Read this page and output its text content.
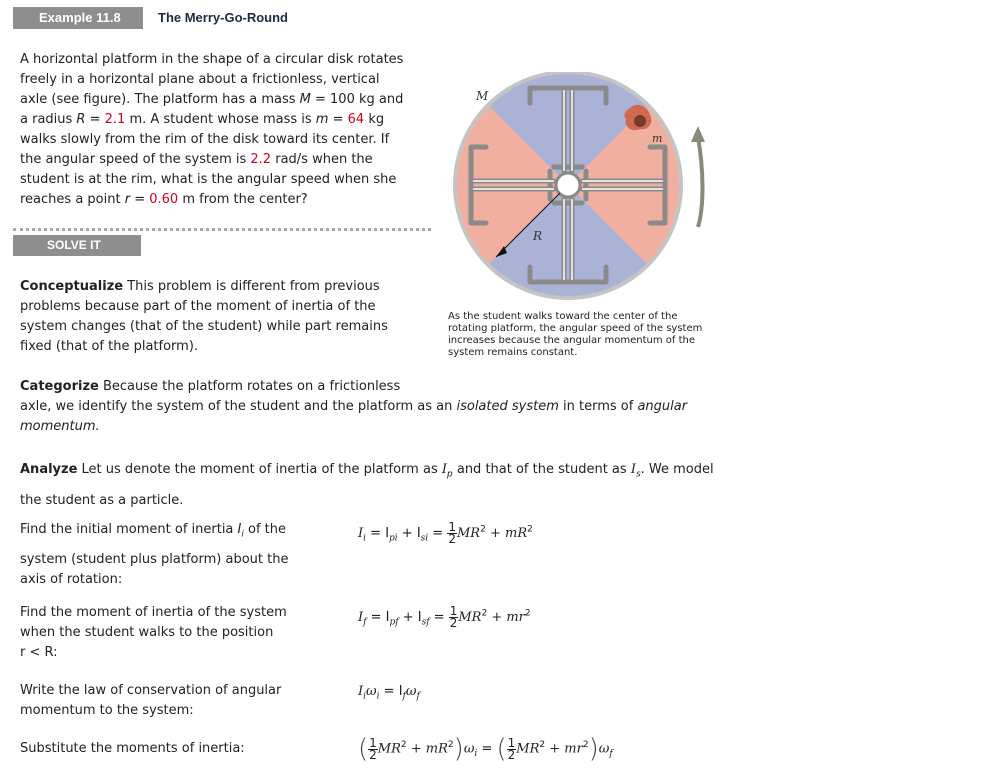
Example 11.8	The Merry-Go-Round
A horizontal platform in the shape of a circular disk rotates
freely in a horizontal plane about a frictionless, vertical
axle (see figure). The platform has a mass M = 100 kg and
a radius R = 2.1 m. A student whose mass is m = 64 kg
walks slowly from the rim of the disk toward its center. If
the angular speed of the system is 2.2 rad/s when the
student is at the rim, what is the angular speed when she
reaches a point r = 0.60 m from the center?
SOLVE IT
M
m
R
As the student walks toward the center of the
rotating platform, the angular speed of the system
increases because the angular momentum of the
system remains constant.
Conceptualize This problem is different from previous
problems because part of the moment of inertia of the
system changes (that of the student) while part remains
fixed (that of the platform).
Categorize Because the platform rotates on a frictionless
axle, we identify the system of the student and the platform as an isolated system in terms of angular
momentum.
Analyze Let us denote the moment of inertia of the platform as $I_p$ and that of the student as $I_s$. We model
the student as a particle.
Find the initial moment of inertia $I_i$ of the
system (student plus platform) about the
axis of rotation:
$I_i = I_{pi} + I_{si} = \frac{1}{2} MR^2 + mR^2$
Find the moment of inertia of the system
when the student walks to the position
r < R:
$I_f = I_{pf} + I_{sf} = \frac{1}{2} MR^2 + mr^2$
Write the law of conservation of angular
momentum to the system:
$I_i\omega_i = I_f\omega_f$
Substitute the moments of inertia:	( $\frac{1}{2} MR^2 + mR^2)\omega_i$ = ( $\frac{1}{2} MR^2 + mr^2)\omega_f$
